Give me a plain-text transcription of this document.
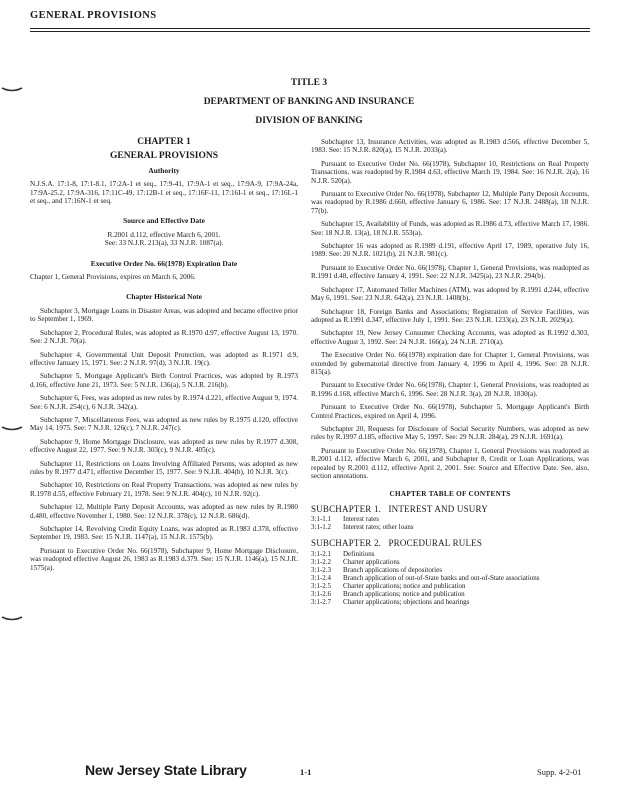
GENERAL PROVISIONS
TITLE 3
DEPARTMENT OF BANKING AND INSURANCE
DIVISION OF BANKING
CHAPTER 1
GENERAL PROVISIONS
Authority
N.J.S.A. 17:1-8, 17:1-8.1, 17:2A-1 et seq., 17:9-41, 17:9A-1 et seq., 17:9A-9, 17:9A-24a, 17:9A-25.2, 17:9A-316, 17:11C-49, 17:12B-1 et seq., 17:16F-11, 17:16I-1 et seq., 17:16L-1 et seq., and 17:16N-1 et seq.
Source and Effective Date
R.2001 d.112, effective March 6, 2001.
See: 33 N.J.R. 213(a), 33 N.J.R. 1087(a).
Executive Order No. 66(1978) Expiration Date
Chapter 1, General Provisions, expires on March 6, 2006.
Chapter Historical Note
Subchapter 3, Mortgage Loans in Disaster Areas, was adopted and became effective prior to September 1, 1969.
Subchapter 2, Procedural Rules, was adopted as R.1970 d.97, effective August 13, 1970. See: 2 N.J.R. 70(a).
Subchapter 4, Governmental Unit Deposit Protection, was adopted as R.1971 d.9, effective January 15, 1971. See: 2 N.J.R. 97(d), 3 N.J.R. 19(c).
Subchapter 5, Mortgage Applicant's Birth Control Practices, was adopted by R.1973 d.166, effective June 21, 1973. See: 5 N.J.R. 136(a), 5 N.J.R. 216(b).
Subchapter 6, Fees, was adopted as new rules by R.1974 d.221, effective August 9, 1974. See: 6 N.J.R. 254(c), 6 N.J.R. 342(a).
Subchapter 7, Miscellaneous Fees, was adopted as new rules by R.1975 d.120, effective May 14, 1975. See: 7 N.J.R. 126(c), 7 N.J.R. 247(c).
Subchapter 9, Home Mortgage Disclosure, was adopted as new rules by R.1977 d.308, effective August 22, 1977. See: 9 N.J.R. 303(c), 9 N.J.R. 405(c).
Subchapter 11, Restrictions on Loans Involving Affiliated Persons, was adopted as new rules by R.1977 d.471, effective December 15, 1977. See: 9 N.J.R. 404(b), 10 N.J.R. 3(c).
Subchapter 10, Restrictions on Real Property Transactions, was adopted as new rules by R.1978 d.55, effective February 21, 1978. See: 9 N.J.R. 404(c), 10 N.J.R. 92(c).
Subchapter 12, Multiple Party Deposit Accounts, was adopted as new rules by R.1980 d.480, effective November 1, 1980. See: 12 N.J.R. 378(c), 12 N.J.R. 686(d).
Subchapter 14, Revolving Credit Equity Loans, was adopted as R.1983 d.378, effective September 19, 1983. See: 15 N.J.R. 1147(a), 15 N.J.R. 1575(b).
Pursuant to Executive Order No. 66(1978), Subchapter 9, Home Mortgage Disclosure, was readopted effective August 26, 1983 as R.1983 d.379. See: 15 N.J.R. 1146(a), 15 N.J.R. 1575(a).
Subchapter 13, Insurance Activities, was adopted as R.1983 d.566, effective December 5, 1983. See: 15 N.J.R. 820(a), 15 N.J.R. 2033(a).
Pursuant to Executive Order No. 66(1978), Subchapter 10, Restrictions on Real Property Transactions, was readopted by R.1984 d.63, effective March 19, 1984. See: 16 N.J.R. 2(a), 16 N.J.R. 520(a).
Pursuant to Executive Order No. 66(1978), Subchapter 12, Multiple Party Deposit Accounts, was readopted by R.1986 d.660, effective January 6, 1986. See: 17 N.J.R. 2488(a), 18 N.J.R. 77(b).
Subchapter 15, Availability of Funds, was adopted as R.1986 d.73, effective March 17, 1986. See: 18 N.J.R. 13(a), 18 N.J.R. 553(a).
Subchapter 16 was adopted as R.1989 d.191, effective April 17, 1989, operative July 16, 1989. See: 20 N.J.R. 1021(b), 21 N.J.R. 981(c).
Pursuant to Executive Order No. 66(1978), Chapter 1, General Provisions, was readopted as R.1991 d.48, effective January 4, 1991. See: 22 N.J.R. 3425(a), 23 N.J.R. 294(b).
Subchapter 17, Automated Teller Machines (ATM), was adopted by R.1991 d.244, effective May 6, 1991. See: 23 N.J.R. 642(a), 23 N.J.R. 1408(b).
Subchapter 18, Foreign Banks and Associations; Registration of Service Facilities, was adopted as R.1991 d.347, effective July 1, 1991. See: 23 N.J.R. 1233(a), 23 N.J.R. 2029(a).
Subchapter 19, New Jersey Consumer Checking Accounts, was adopted as R.1992 d.303, effective August 3, 1992. See: 24 N.J.R. 166(a), 24 N.J.R. 2710(a).
The Executive Order No. 66(1978) expiration date for Chapter 1, General Provisions, was extended by gubernatorial directive from January 4, 1996 to April 4, 1996. See: 28 N.J.R. 815(a).
Pursuant to Executive Order No. 66(1978), Chapter 1, General Provisions, was readopted as R.1996 d.168, effective March 6, 1996. See: 28 N.J.R. 3(a), 28 N.J.R. 1830(a).
Pursuant to Executive Order No. 66(1978), Subchapter 5, Mortgage Applicant's Birth Control Practices, expired on April 4, 1996.
Subchapter 20, Requests for Disclosure of Social Security Numbers, was adopted as new rules by R.1997 d.185, effective May 5, 1997. See: 29 N.J.R. 284(a), 29 N.J.R. 1691(a).
Pursuant to Executive Order No. 66(1978), Chapter 1, General Provisions was readopted as R.2001 d.112, effective March 6, 2001, and Subchapter 8, Credit or Loan Applications, was repealed by R.2001 d.112, effective April 2, 2001. See: Source and Effective Date. See, also, section annotations.
CHAPTER TABLE OF CONTENTS
SUBCHAPTER 1.   INTEREST AND USURY
3:1-1.1	Interest rates
3:1-1.2	Interest rates; other loans
SUBCHAPTER 2.   PROCEDURAL RULES
3:1-2.1	Definitions
3:1-2.2	Charter applications
3:1-2.3	Branch applications of depositories
3:1-2.4	Branch application of out-of-State banks and out-of-State associations
3:1-2.5	Charter applications; notice and publication
3:1-2.6	Branch applications; notice and publication
3:1-2.7	Charter applications; objections and hearings
New Jersey State Library	1-1	Supp. 4-2-01
